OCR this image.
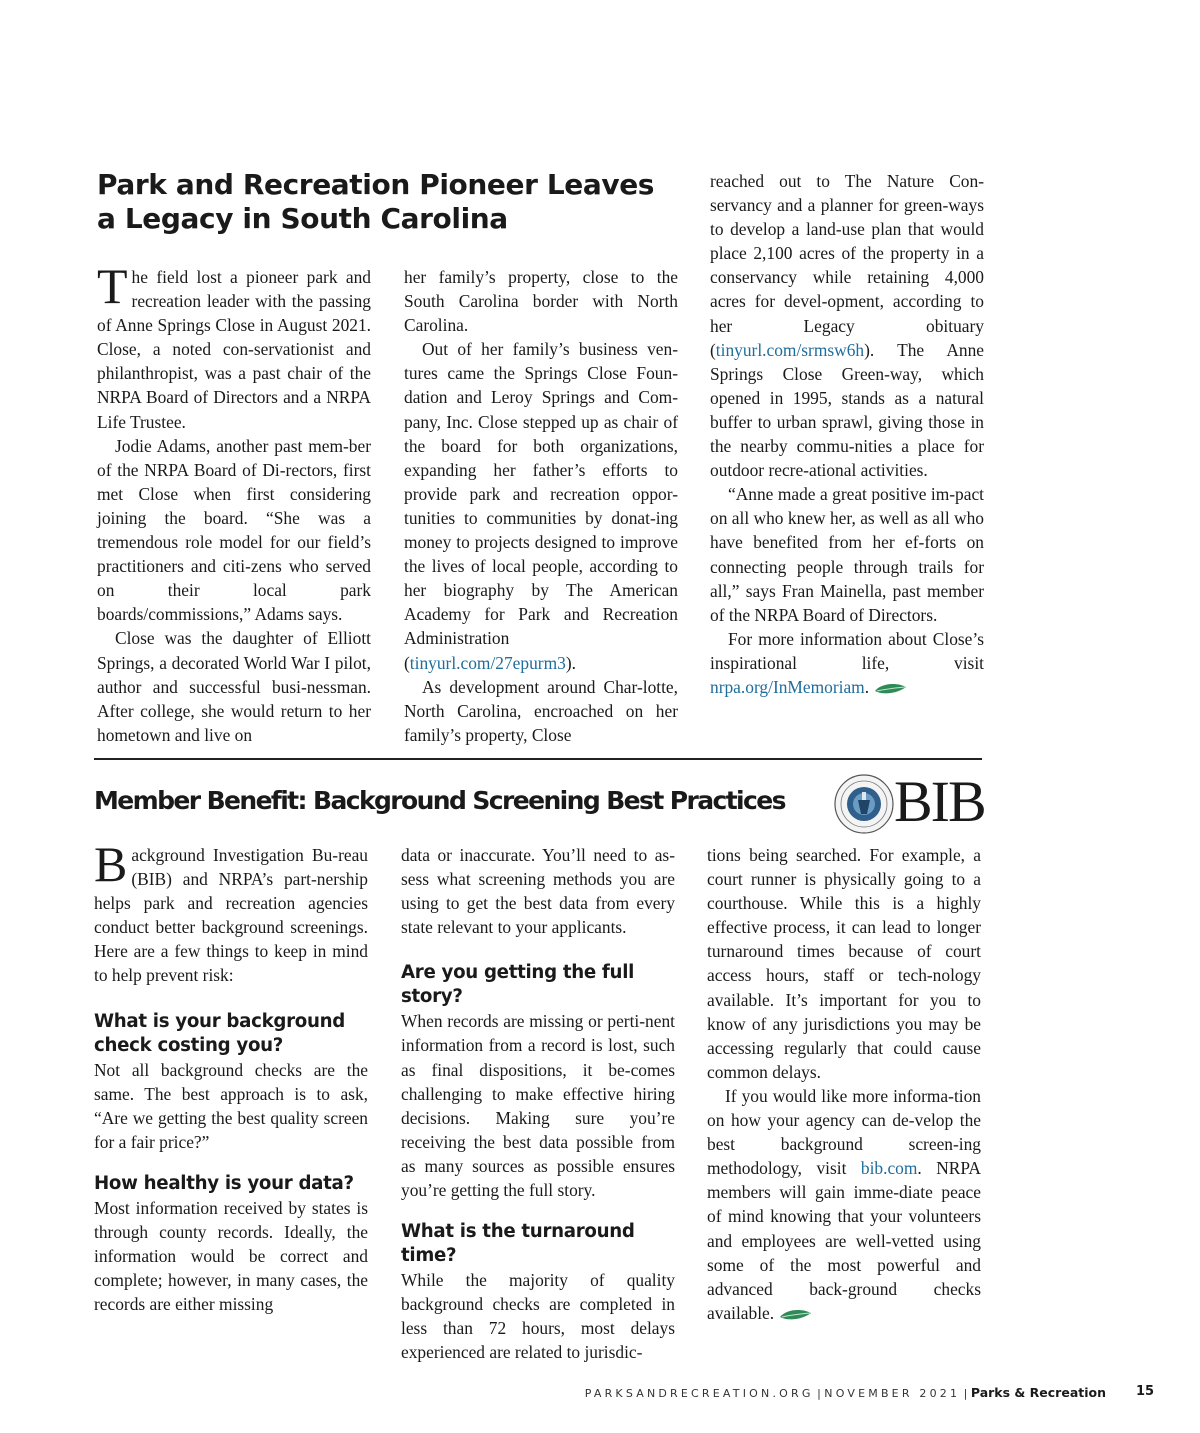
Park and Recreation Pioneer Leaves a Legacy in South Carolina

The field lost a pioneer park and recreation leader with the passing of Anne Springs Close in August 2021. Close, a noted con-servationist and philanthropist, was a past chair of the NRPA Board of Directors and a NRPA Life Trustee.

Jodie Adams, another past mem-ber of the NRPA Board of Di-rectors, first met Close when first considering joining the board. “She was a tremendous role model for our field’s practitioners and citi-zens who served on their local park boards/commissions,” Adams says.

Close was the daughter of Elliott Springs, a decorated World War I pilot, author and successful busi-nessman. After college, she would return to her hometown and live on

her family’s property, close to the South Carolina border with North Carolina.

Out of her family’s business ven-tures came the Springs Close Foun-dation and Leroy Springs and Com-pany, Inc. Close stepped up as chair of the board for both organizations, expanding her father’s efforts to provide park and recreation oppor-tunities to communities by donat-ing money to projects designed to improve the lives of local people, according to her biography by The American Academy for Park and Recreation Administration (tinyurl.com/27epurm3).

As development around Char-lotte, North Carolina, encroached on her family’s property, Close

reached out to The Nature Con-servancy and a planner for green-ways to develop a land-use plan that would place 2,100 acres of the property in a conservancy while retaining 4,000 acres for devel-opment, according to her Legacy obituary (tinyurl.com/srmsw6h). The Anne Springs Close Green-way, which opened in 1995, stands as a natural buffer to urban sprawl, giving those in the nearby commu-nities a place for outdoor recre-ational activities.

“Anne made a great positive im-pact on all who knew her, as well as all who have benefited from her ef-forts on connecting people through trails for all,” says Fran Mainella, past member of the NRPA Board of Directors.

For more information about Close’s inspirational life, visit nrpa.org/InMemoriam.

Member Benefit: Background Screening Best Practices BIB

Background Investigation Bu-reau (BIB) and NRPA’s part-nership helps park and recreation agencies conduct better background screenings. Here are a few things to keep in mind to help prevent risk:

What is your background check costing you?

Not all background checks are the same. The best approach is to ask, “Are we getting the best quality screen for a fair price?”

How healthy is your data?

Most information received by states is through county records. Ideally, the information would be correct and complete; however, in many cases, the records are either missing

data or inaccurate. You’ll need to as-sess what screening methods you are using to get the best data from every state relevant to your applicants.

Are you getting the full story?

When records are missing or perti-nent information from a record is lost, such as final dispositions, it be-comes challenging to make effective hiring decisions. Making sure you’re receiving the best data possible from as many sources as possible ensures you’re getting the full story.

What is the turnaround time?

While the majority of quality background checks are completed in less than 72 hours, most delays experienced are related to jurisdic-

tions being searched. For example, a court runner is physically going to a courthouse. While this is a highly effective process, it can lead to longer turnaround times because of court access hours, staff or tech-nology available. It’s important for you to know of any jurisdictions you may be accessing regularly that could cause common delays.

If you would like more informa-tion on how your agency can de-velop the best background screen-ing methodology, visit bib.com. NRPA members will gain imme-diate peace of mind knowing that your volunteers and employees are well-vetted using some of the most powerful and advanced back-ground checks available.

PARKSANDRECREATION.ORG | NOVEMBER 2021 | Parks & Recreation 15
